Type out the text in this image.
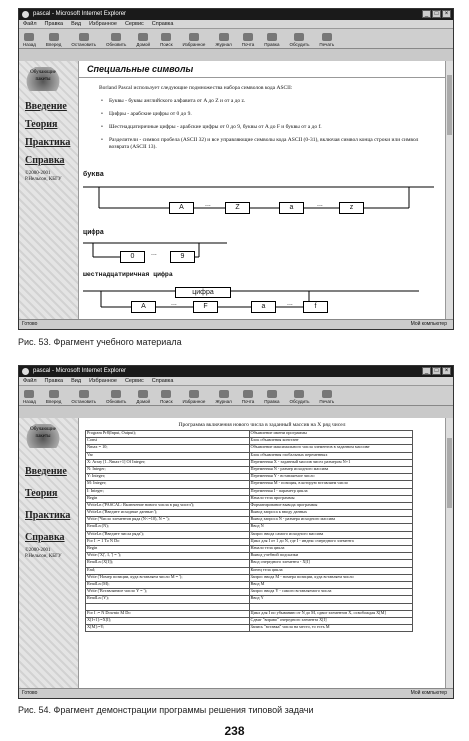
pascal - Microsoft Internet Explorer	_	□	×
Файл Правка Вид Избранное Сервис Справка
Назад Вперед Остановить Обновить Домой Поиск Избранное Журнал Почта Правка Обсудить Печать
Обучающие пакеты
Введение
Теория
Практика
Справка
©2000-2001
Р.Нельсон, КБГУ
Специальные символы
Borland Pascal использует следующие подмножества набора символов кода ASCII:
• Буквы - буквы английского алфавита от A до Z и от a до z.
• Цифры - арабские цифры от 0 до 9.
• Шестнадцатиричные цифры - арабские цифры от 0 до 9, буквы от A до F и буквы от a до f.
• Разделители - символ пробела (ASCII 32) и все управляющие символы кода ASCII (0-31), включая символ конца строки или символ возврата (ASCII 13).
буква
A	...	Z	a	...	z
цифра
0	...	9
шестнадцатиричная цифра
цифра
A	...	F	a	...	f
Готово	Мой компьютер
Рис. 53. Фрагмент учебного материала
pascal - Microsoft Internet Explorer	_	□	×
Файл Правка Вид Избранное Сервис Справка
Назад Вперед Остановить Обновить Домой Поиск Избранное Журнал Почта Правка Обсудить Печать
Обучающие пакеты
Введение
Теория
Практика
Справка
©2000-2001
Р.Нельсон, КБГУ
Программа включения нового числа в заданный массив на X ряд чисел
Program Pr8(Input, Output);	Объявление имени программы
Const	Блок объявления констант
Nmax = 10;	Объявление максимального числа элементов в заданном массиве
Var	Блок объявления глобальных переменных
X: Array [1..Nmax+1] Of Integer;	Переменная X - заданный массив чисел размером N+1
N: Integer;	Переменная N - размер исходного массива
Y: Integer;	Переменная Y - вставляемое число
M: Integer;	Переменная M - позиция, в которую вставляем число
I: Integer;	Переменная I - параметр цикла
Begin	Начало тела программы
WriteLn ('PASCAL: Включение нового числа в ряд чисел');	Форматирование вывода программы
WriteLn ('Введите исходные данные:');	Вывод запроса к вводу данных
Write ('Число элементов ряда (N<=10), N = ');	Вывод запроса N - размера исходного массива
ReadLn (N);	Ввод N
WriteLn ('Введите числа ряда');	Запрос ввода самого исходного массива
For I := 1 To N Do	Цикл для I от 1 до N, где I - индекс очередного элемента
Begin	Начало тела цикла
Write ('X[', I, '] = ');	Вывод учебной подсказки
ReadLn (X[I]);	Ввод очередного элемента - X[I]
End;	Конец тела цикла
Write ('Номер позиции, куда вставляем число M = ');	Запрос ввода M - номера позиции, куда вставляем число
ReadLn (M);	Ввод M
Write ('Вставляемое число Y = ');	Запрос ввода Y - самого вставляемого числа
ReadLn (Y);	Ввод Y

For I := N Downto M Do	Цикл для I по убыванию от N до M, сдвиг элементов X, освобождая X[M]
X[I+1]:=X[I];	Сдвиг "вправо" очередного элемента X[I]
X[M]:=Y;	Запись "вставка" числа на место, то есть M
Готово	Мой компьютер
Рис. 54. Фрагмент демонстрации программы решения типовой задачи
238
